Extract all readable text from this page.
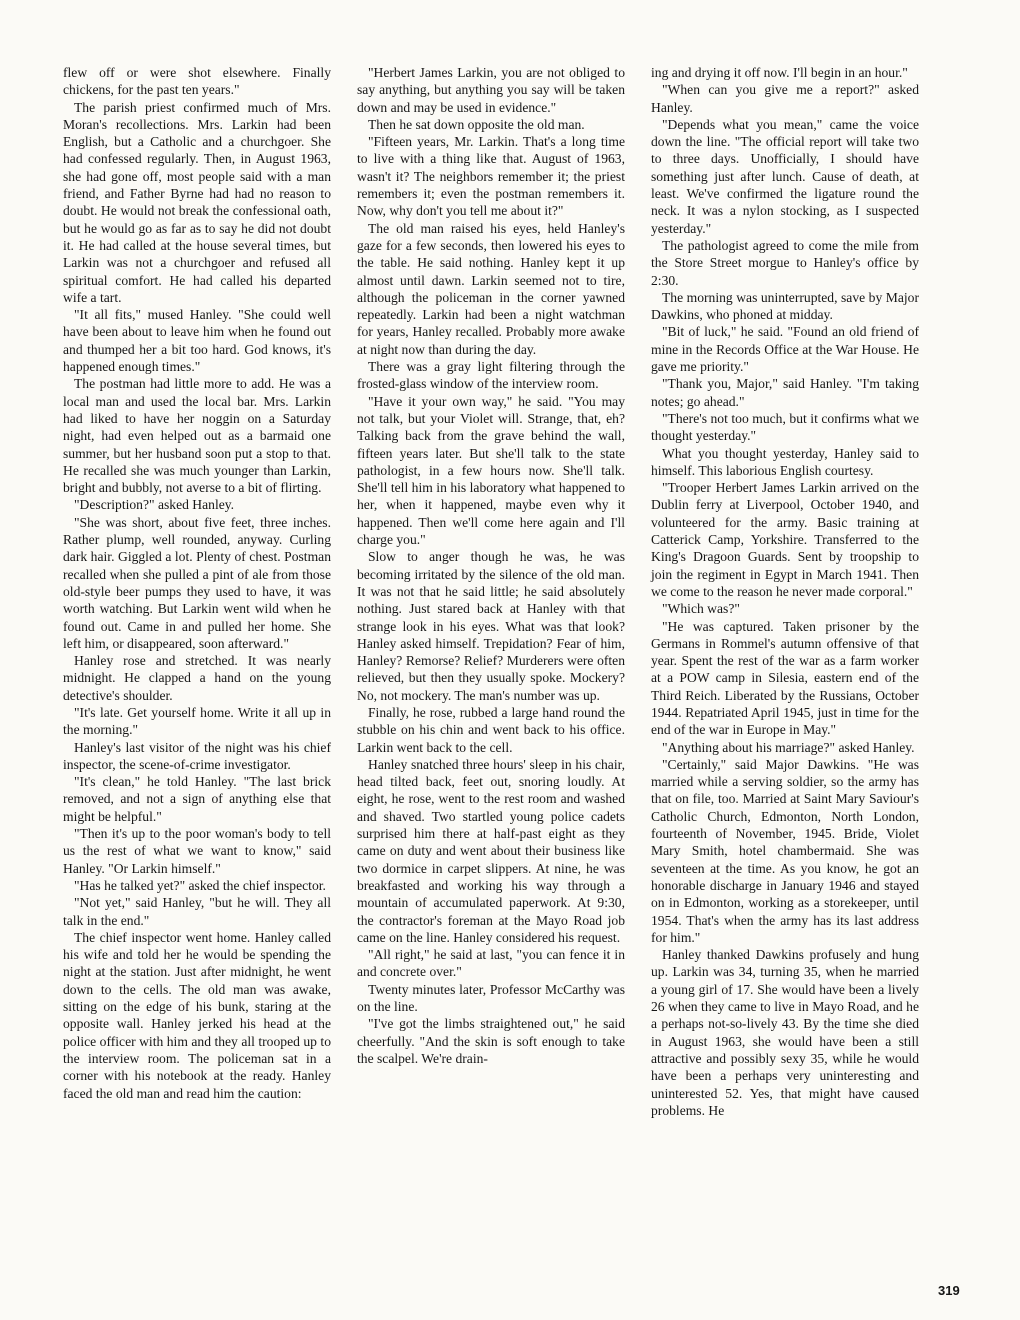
flew off or were shot elsewhere. Finally chickens, for the past ten years."

The parish priest confirmed much of Mrs. Moran's recollections. Mrs. Larkin had been English, but a Catholic and a churchgoer. She had confessed regularly. Then, in August 1963, she had gone off, most people said with a man friend, and Father Byrne had had no reason to doubt. He would not break the confessional oath, but he would go as far as to say he did not doubt it. He had called at the house several times, but Larkin was not a churchgoer and refused all spiritual comfort. He had called his departed wife a tart.

"It all fits," mused Hanley. "She could well have been about to leave him when he found out and thumped her a bit too hard. God knows, it's happened enough times."

The postman had little more to add. He was a local man and used the local bar. Mrs. Larkin had liked to have her noggin on a Saturday night, had even helped out as a barmaid one summer, but her husband soon put a stop to that. He recalled she was much younger than Larkin, bright and bubbly, not averse to a bit of flirting.

"Description?" asked Hanley.

"She was short, about five feet, three inches. Rather plump, well rounded, anyway. Curling dark hair. Giggled a lot. Plenty of chest. Postman recalled when she pulled a pint of ale from those old-style beer pumps they used to have, it was worth watching. But Larkin went wild when he found out. Came in and pulled her home. She left him, or disappeared, soon afterward."

Hanley rose and stretched. It was nearly midnight. He clapped a hand on the young detective's shoulder.

"It's late. Get yourself home. Write it all up in the morning."

Hanley's last visitor of the night was his chief inspector, the scene-of-crime investigator.

"It's clean," he told Hanley. "The last brick removed, and not a sign of anything else that might be helpful."

"Then it's up to the poor woman's body to tell us the rest of what we want to know," said Hanley. "Or Larkin himself."

"Has he talked yet?" asked the chief inspector.

"Not yet," said Hanley, "but he will. They all talk in the end."

The chief inspector went home. Hanley called his wife and told her he would be spending the night at the station. Just after midnight, he went down to the cells. The old man was awake, sitting on the edge of his bunk, staring at the opposite wall. Hanley jerked his head at the police officer with him and they all trooped up to the interview room. The policeman sat in a corner with his notebook at the ready. Hanley faced the old man and read him the caution:

"Herbert James Larkin, you are not obliged to say anything, but anything you say will be taken down and may be used in evidence."

Then he sat down opposite the old man.

"Fifteen years, Mr. Larkin. That's a long time to live with a thing like that. August of 1963, wasn't it? The neighbors remember it; the priest remembers it; even the postman remembers it. Now, why don't you tell me about it?"

The old man raised his eyes, held Hanley's gaze for a few seconds, then lowered his eyes to the table. He said nothing. Hanley kept it up almost until dawn. Larkin seemed not to tire, although the policeman in the corner yawned repeatedly. Larkin had been a night watchman for years, Hanley recalled. Probably more awake at night now than during the day.

There was a gray light filtering through the frosted-glass window of the interview room.

"Have it your own way," he said. "You may not talk, but your Violet will. Strange, that, eh? Talking back from the grave behind the wall, fifteen years later. But she'll talk to the state pathologist, in a few hours now. She'll talk. She'll tell him in his laboratory what happened to her, when it happened, maybe even why it happened. Then we'll come here again and I'll charge you."

Slow to anger though he was, he was becoming irritated by the silence of the old man. It was not that he said little; he said absolutely nothing. Just stared back at Hanley with that strange look in his eyes. What was that look? Hanley asked himself. Trepidation? Fear of him, Hanley? Remorse? Relief? Murderers were often relieved, but then they usually spoke. Mockery? No, not mockery. The man's number was up.

Finally, he rose, rubbed a large hand round the stubble on his chin and went back to his office. Larkin went back to the cell.

Hanley snatched three hours' sleep in his chair, head tilted back, feet out, snoring loudly. At eight, he rose, went to the rest room and washed and shaved. Two startled young police cadets surprised him there at half-past eight as they came on duty and went about their business like two dormice in carpet slippers. At nine, he was breakfasted and working his way through a mountain of accumulated paperwork. At 9:30, the contractor's foreman at the Mayo Road job came on the line. Hanley considered his request.

"All right," he said at last, "you can fence it in and concrete over."

Twenty minutes later, Professor McCarthy was on the line.

"I've got the limbs straightened out," he said cheerfully. "And the skin is soft enough to take the scalpel. We're drain-

ing and drying it off now. I'll begin in an hour."

"When can you give me a report?" asked Hanley.

"Depends what you mean," came the voice down the line. "The official report will take two to three days. Unofficially, I should have something just after lunch. Cause of death, at least. We've confirmed the ligature round the neck. It was a nylon stocking, as I suspected yesterday."

The pathologist agreed to come the mile from the Store Street morgue to Hanley's office by 2:30.

The morning was uninterrupted, save by Major Dawkins, who phoned at midday.

"Bit of luck," he said. "Found an old friend of mine in the Records Office at the War House. He gave me priority."

"Thank you, Major," said Hanley. "I'm taking notes; go ahead."

"There's not too much, but it confirms what we thought yesterday."

What you thought yesterday, Hanley said to himself. This laborious English courtesy.

"Trooper Herbert James Larkin arrived on the Dublin ferry at Liverpool, October 1940, and volunteered for the army. Basic training at Catterick Camp, Yorkshire. Transferred to the King's Dragoon Guards. Sent by troopship to join the regiment in Egypt in March 1941. Then we come to the reason he never made corporal."

"Which was?"

"He was captured. Taken prisoner by the Germans in Rommel's autumn offensive of that year. Spent the rest of the war as a farm worker at a POW camp in Silesia, eastern end of the Third Reich. Liberated by the Russians, October 1944. Repatriated April 1945, just in time for the end of the war in Europe in May."

"Anything about his marriage?" asked Hanley.

"Certainly," said Major Dawkins. "He was married while a serving soldier, so the army has that on file, too. Married at Saint Mary Saviour's Catholic Church, Edmonton, North London, fourteenth of November, 1945. Bride, Violet Mary Smith, hotel chambermaid. She was seventeen at the time. As you know, he got an honorable discharge in January 1946 and stayed on in Edmonton, working as a storekeeper, until 1954. That's when the army has its last address for him."

Hanley thanked Dawkins profusely and hung up. Larkin was 34, turning 35, when he married a young girl of 17. She would have been a lively 26 when they came to live in Mayo Road, and he a perhaps not-so-lively 43. By the time she died in August 1963, she would have been a still attractive and possibly sexy 35, while he would have been a perhaps very uninteresting and uninterested 52. Yes, that might have caused problems. He

319
